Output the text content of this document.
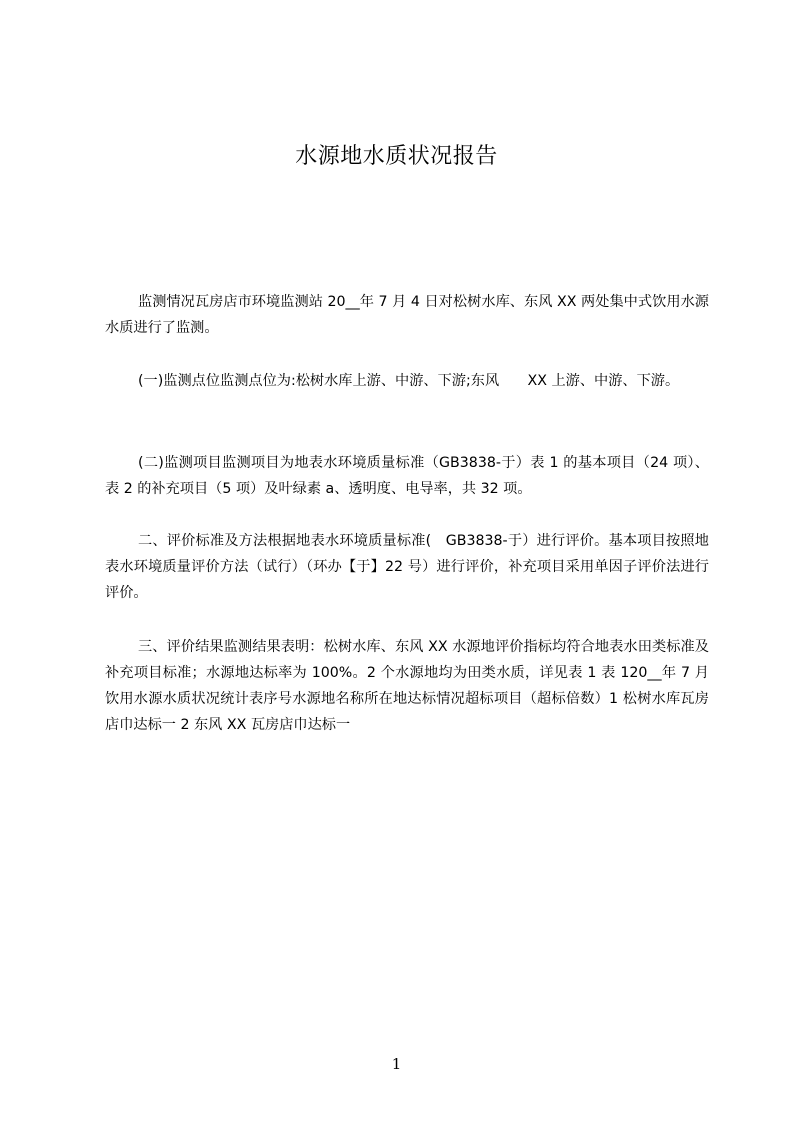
水源地水质状况报告

监测情况瓦房店市环境监测站 20__年 7 月 4 日对松树水库、东风 XX 两处集中式饮用水源水质进行了监测。

(一)监测点位监测点位为:松树水库上游、中游、下游;东风　　XX 上游、中游、下游。

(二)监测项目监测项目为地表水环境质量标准（GB3838-于）表 1 的基本项目（24 项）、表 2 的补充项目（5 项）及叶绿素 a、透明度、电导率，共 32 项。

二、评价标准及方法根据地表水环境质量标准(　GB3838-于）进行评价。基本项目按照地表水环境质量评价方法（试行）（环办【于】22 号）进行评价，补充项目采用单因子评价法进行评价。

三、评价结果监测结果表明：松树水库、东风 XX 水源地评价指标均符合地表水田类标准及补充项目标准；水源地达标率为 100%。2 个水源地均为田类水质，详见表 1 表 120__年 7 月饮用水源水质状况统计表序号水源地名称所在地达标情况超标项目（超标倍数）1 松树水库瓦房店巾达标一 2 东风 XX 瓦房店巾达标一

1
